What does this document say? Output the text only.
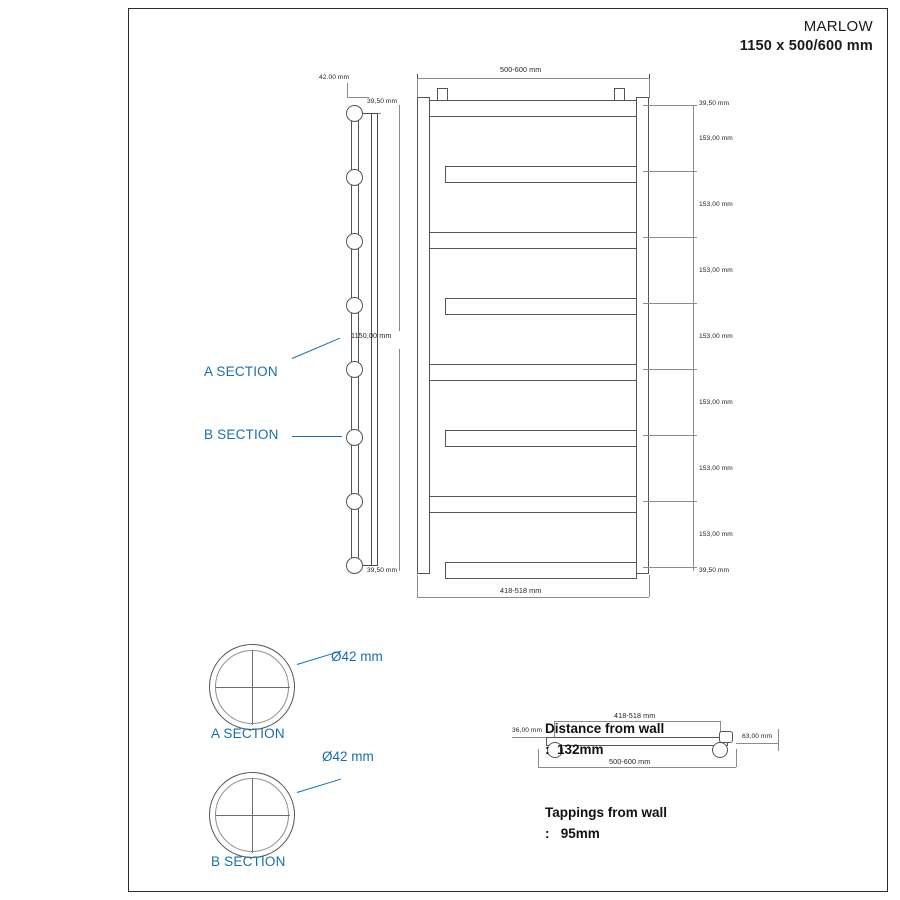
MARLOW
1150 x 500/600 mm
42.00 mm
39,50 mm
39,50 mm
A SECTION
B SECTION
500-600 mm
1150,00 mm
39,50 mm
153,00 mm
153,00 mm
153,00 mm
153,00 mm
153,00 mm
153,00 mm
153,00 mm
39,50 mm
418-518 mm
Ø42 mm
A SECTION
Ø42 mm
B SECTION
418-518 mm
36,00 mm
63,00 mm
500-600 mm

Distance from wall
:  132mm

Tappings from wall
:   95mm
